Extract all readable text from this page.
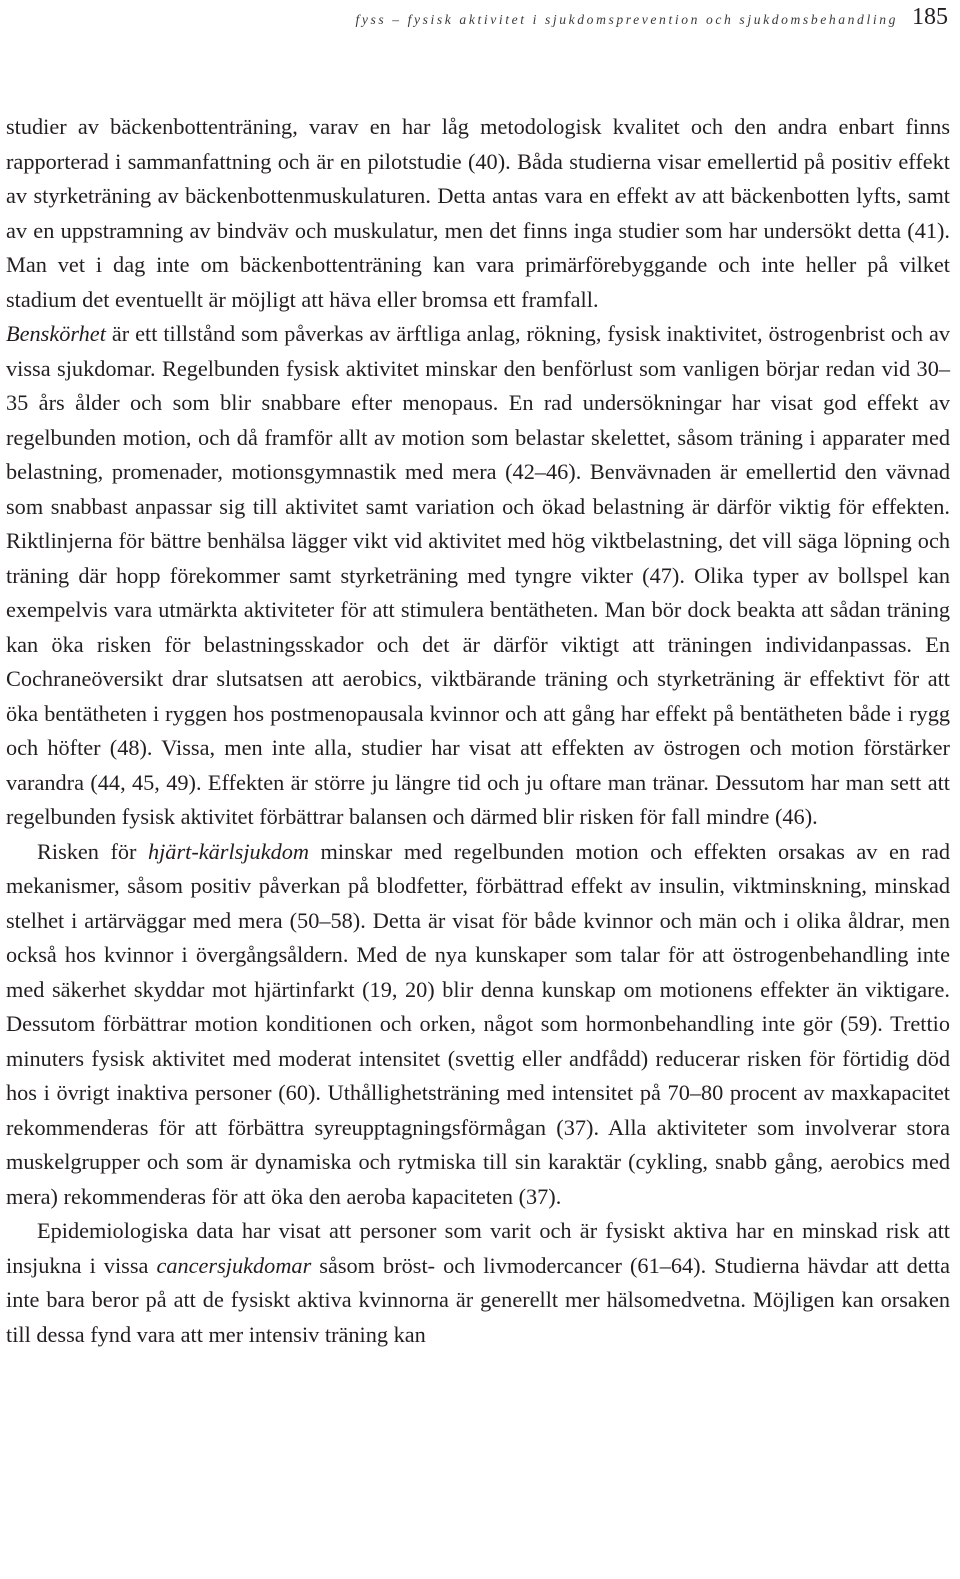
fyss – fysisk aktivitet i sjukdomsprevention och sjukdomsbehandling 185

studier av bäckenbottenträning, varav en har låg metodologisk kvalitet och den andra enbart finns rapporterad i sammanfattning och är en pilotstudie (40). Båda studierna visar emellertid på positiv effekt av styrketräning av bäckenbottenmuskulaturen. Detta antas vara en effekt av att bäckenbotten lyfts, samt av en uppstramning av bindväv och muskulatur, men det finns inga studier som har undersökt detta (41). Man vet i dag inte om bäckenbottenträning kan vara primärförebyggande och inte heller på vilket stadium det eventuellt är möjligt att häva eller bromsa ett framfall.

Benskörhet är ett tillstånd som påverkas av ärftliga anlag, rökning, fysisk inaktivitet, östrogenbrist och av vissa sjukdomar. Regelbunden fysisk aktivitet minskar den benförlust som vanligen börjar redan vid 30–35 års ålder och som blir snabbare efter menopaus. En rad undersökningar har visat god effekt av regelbunden motion, och då framför allt av motion som belastar skelettet, såsom träning i apparater med belastning, promenader, motionsgymnastik med mera (42–46). Benvävnaden är emellertid den vävnad som snabbast anpassar sig till aktivitet samt variation och ökad belastning är därför viktig för effekten. Riktlinjerna för bättre benhälsa lägger vikt vid aktivitet med hög viktbelastning, det vill säga löpning och träning där hopp förekommer samt styrketräning med tyngre vikter (47). Olika typer av bollspel kan exempelvis vara utmärkta aktiviteter för att stimulera bentätheten. Man bör dock beakta att sådan träning kan öka risken för belastningsskador och det är därför viktigt att träningen individanpassas. En Cochraneöversikt drar slutsatsen att aerobics, viktbärande träning och styrketräning är effektivt för att öka bentätheten i ryggen hos postmenopausala kvinnor och att gång har effekt på bentätheten både i rygg och höfter (48). Vissa, men inte alla, studier har visat att effekten av östrogen och motion förstärker varandra (44, 45, 49). Effekten är större ju längre tid och ju oftare man tränar. Dessutom har man sett att regelbunden fysisk aktivitet förbättrar balansen och därmed blir risken för fall mindre (46).

Risken för hjärt-kärlsjukdom minskar med regelbunden motion och effekten orsakas av en rad mekanismer, såsom positiv påverkan på blodfetter, förbättrad effekt av insulin, viktminskning, minskad stelhet i artärväggar med mera (50–58). Detta är visat för både kvinnor och män och i olika åldrar, men också hos kvinnor i övergångsåldern. Med de nya kunskaper som talar för att östrogenbehandling inte med säkerhet skyddar mot hjärtinfarkt (19, 20) blir denna kunskap om motionens effekter än viktigare. Dessutom förbättrar motion konditionen och orken, något som hormonbehandling inte gör (59). Trettio minuters fysisk aktivitet med moderat intensitet (svettig eller andfådd) reducerar risken för förtidig död hos i övrigt inaktiva personer (60). Uthållighetsträning med intensitet på 70–80 procent av maxkapacitet rekommenderas för att förbättra syreupptagningsförmågan (37). Alla aktiviteter som involverar stora muskelgrupper och som är dynamiska och rytmiska till sin karaktär (cykling, snabb gång, aerobics med mera) rekommenderas för att öka den aeroba kapaciteten (37).

Epidemiologiska data har visat att personer som varit och är fysiskt aktiva har en minskad risk att insjukna i vissa cancersjukdomar såsom bröst- och livmodercancer (61–64). Studierna hävdar att detta inte bara beror på att de fysiskt aktiva kvinnorna är generellt mer hälsomedvetna. Möjligen kan orsaken till dessa fynd vara att mer intensiv träning kan
